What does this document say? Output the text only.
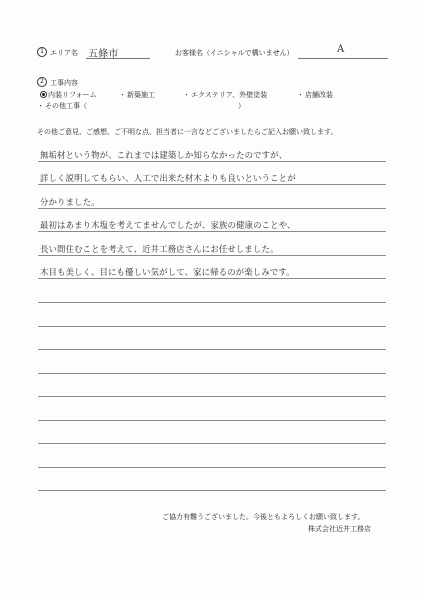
1 エリア名 五條市	お客様名（イニシャルで構いません）	A
2 工事内容
内装リフォーム	・ 新築施工	・ エクステリア、外壁塗装	・ 店舗改装
・ その他工事（	）
その他ご意見、ご感想、ご不明な点、担当者に一言などございましたらご記入お願い致します。
無垢材という物が、これまでは建築しか知らなかったのですが、
詳しく説明してもらい、人工で出来た材木よりも良いということが
分かりました。
最初はあまり木塩を考えてませんでしたが、家族の健康のことや、
長い間住むことを考えて、近井工務店さんにお任せしました。
木目も美しく、目にも優しい気がして、家に帰るのが楽しみです。
ご協力有難うございました。今後ともよろしくお願い致します。
株式会社近井工務店
